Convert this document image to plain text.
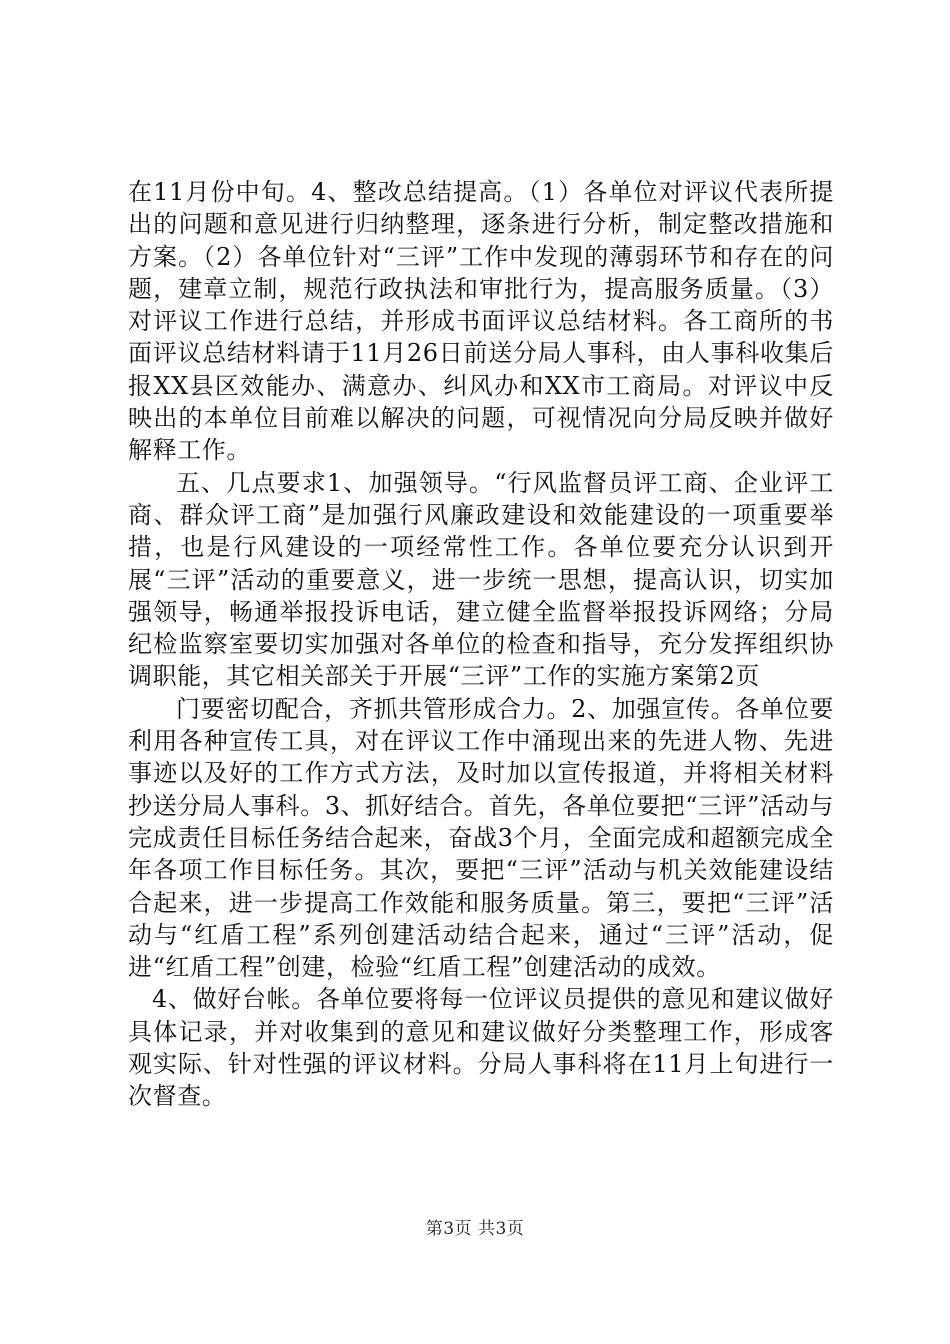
在11月份中旬。4、整改总结提高。（1）各单位对评议代表所提出的问题和意见进行归纳整理，逐条进行分析，制定整改措施和方案。（2）各单位针对“三评”工作中发现的薄弱环节和存在的问题，建章立制，规范行政执法和审批行为，提高服务质量。（3）对评议工作进行总结，并形成书面评议总结材料。各工商所的书面评议总结材料请于11月26日前送分局人事科，由人事科收集后报XX县区效能办、满意办、纠风办和XX市工商局。对评议中反映出的本单位目前难以解决的问题，可视情况向分局反映并做好解释工作。

五、几点要求1、加强领导。“行风监督员评工商、企业评工商、群众评工商”是加强行风廉政建设和效能建设的一项重要举措，也是行风建设的一项经常性工作。各单位要充分认识到开展“三评”活动的重要意义，进一步统一思想，提高认识，切实加强领导，畅通举报投诉电话，建立健全监督举报投诉网络；分局纪检监察室要切实加强对各单位的检查和指导，充分发挥组织协调职能，其它相关部关于开展“三评”工作的实施方案第2页

门要密切配合，齐抓共管形成合力。2、加强宣传。各单位要利用各种宣传工具，对在评议工作中涌现出来的先进人物、先进事迹以及好的工作方式方法，及时加以宣传报道，并将相关材料抄送分局人事科。3、抓好结合。首先，各单位要把“三评”活动与完成责任目标任务结合起来，奋战3个月，全面完成和超额完成全年各项工作目标任务。其次，要把“三评”活动与机关效能建设结合起来，进一步提高工作效能和服务质量。第三，要把“三评”活动与“红盾工程”系列创建活动结合起来，通过“三评”活动，促进“红盾工程”创建，检验“红盾工程”创建活动的成效。

4、做好台帐。各单位要将每一位评议员提供的意见和建议做好具体记录，并对收集到的意见和建议做好分类整理工作，形成客观实际、针对性强的评议材料。分局人事科将在11月上旬进行一次督查。

第3页 共3页
